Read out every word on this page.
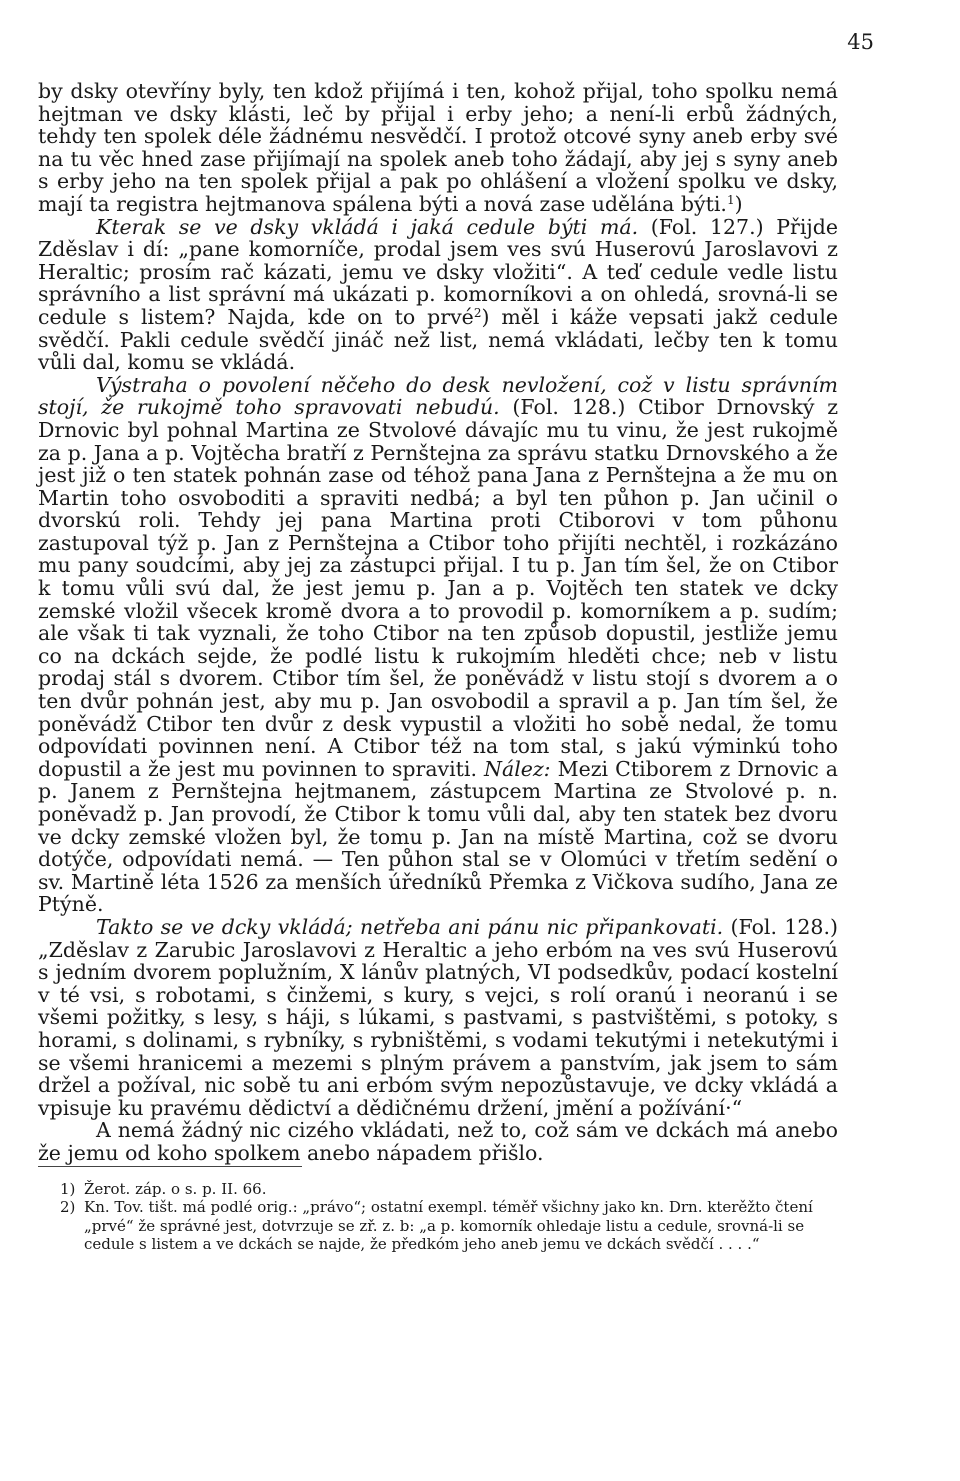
45

by dsky otevříny byly, ten kdož přijímá i ten, kohož přijal, toho spolku nemá hejtman ve dsky klásti, leč by přijal i erby jeho; a není-li erbů žádných, tehdy ten spolek déle žádnému nesvědčí. I protož otcové syny aneb erby své na tu věc hned zase přijímají na spolek aneb toho žádají, aby jej s syny aneb s erby jeho na ten spolek přijal a pak po ohlášení a vložení spolku ve dsky, mají ta registra hejtmanova spálena býti a nová zase udělána býti.$^1$)

Kterak se ve dsky vkládá i jaká cedule býti má. (Fol. 127.) Přijde Zděslav i dí: „pane komorníče, prodal jsem ves svú Huserovú Jaroslavovi z Heraltic; prosím rač kázati, jemu ve dsky vložiti“. A teď cedule vedle listu správního a list správní má ukázati p. komorníkovi a on ohledá, srovná-li se cedule s listem? Najda, kde on to prvé$^2$) měl i káže vepsati jakž cedule svědčí. Pakli cedule svědčí jináč než list, nemá vkládati, lečby ten k tomu vůli dal, komu se vkládá.

Výstraha o povolení něčeho do desk nevložení, což v listu správním stojí, že rukojmě toho spravovati nebudú. (Fol. 128.) Ctibor Drnovský z Drnovic byl pohnal Martina ze Stvolové dávajíc mu tu vinu, že jest rukojmě za p. Jana a p. Vojtěcha bratří z Pernštejna za správu statku Drnovského a že jest již o ten statek pohnán zase od téhož pana Jana z Pernštejna a že mu on Martin toho osvoboditi a spraviti nedbá; a byl ten půhon p. Jan učinil o dvorskú roli. Tehdy jej pana Martina proti Ctiborovi v tom půhonu zastupoval týž p. Jan z Pernštejna a Ctibor toho přijíti nechtěl, i rozkázáno mu pany soudcími, aby jej za zástupci přijal. I tu p. Jan tím šel, že on Ctibor k tomu vůli svú dal, že jest jemu p. Jan a p. Vojtěch ten statek ve dcky zemské vložil všecek kromě dvora a to provodil p. komorníkem a p. sudím; ale však ti tak vyznali, že toho Ctibor na ten způsob dopustil, jestliže jemu co na dckách sejde, že podlé listu k rukojmím hleděti chce; neb v listu prodaj stál s dvorem. Ctibor tím šel, že poněvádž v listu stojí s dvorem a o ten dvůr pohnán jest, aby mu p. Jan osvobodil a spravil a p. Jan tím šel, že poněvádž Ctibor ten dvůr z desk vypustil a vložiti ho sobě nedal, že tomu odpovídati povinnen není. A Ctibor též na tom stal, s jakú výminkú toho dopustil a že jest mu povinnen to spraviti. Nález: Mezi Ctiborem z Drnovic a p. Janem z Pernštejna hejtmanem, zástupcem Martina ze Stvolové p. n. poněvadž p. Jan provodí, že Ctibor k tomu vůli dal, aby ten statek bez dvoru ve dcky zemské vložen byl, že tomu p. Jan na místě Martina, což se dvoru dotýče, odpovídati nemá. — Ten půhon stal se v Olomúci v třetím sedění o sv. Martině léta 1526 za menších úředníků Přemka z Vičkova sudího, Jana ze Ptýně.

Takto se ve dcky vkládá; netřeba ani pánu nic připankovati. (Fol. 128.) „Zděslav z Zarubic Jaroslavovi z Heraltic a jeho erbóm na ves svú Huserovú s jedním dvorem poplužním, X lánův platných, VI podsedkův, podací kostelní v té vsi, s robotami, s činžemi, s kury, s vejci, s rolí oranú i neoranú i se všemi požitky, s lesy, s háji, s lúkami, s pastvami, s pastvištěmi, s potoky, s horami, s dolinami, s rybníky, s rybništěmi, s vodami tekutými i netekutými i se všemi hranicemi a mezemi s plným právem a panstvím, jak jsem to sám držel a požíval, nic sobě tu ani erbóm svým nepozůstavuje, ve dcky vkládá a vpisuje ku pravému dědictví a dědičnému držení, jmění a požívání·“

A nemá žádný nic cizého vkládati, než to, což sám ve dckách má anebo že jemu od koho spolkem anebo nápadem přišlo.

1) Žerot. záp. o s. p. II. 66.
2) Kn. Tov. tišt. má podlé orig.: „právo“; ostatní exempl. téměř všichny jako kn. Drn. kterěžto čtení „prvé“ že správné jest, dotvrzuje se zř. z. b: „a p. komorník ohledaje listu a cedule, srovná-li se cedule s listem a ve dckách se najde, že předkóm jeho aneb jemu ve dckách svědčí . . . .“
